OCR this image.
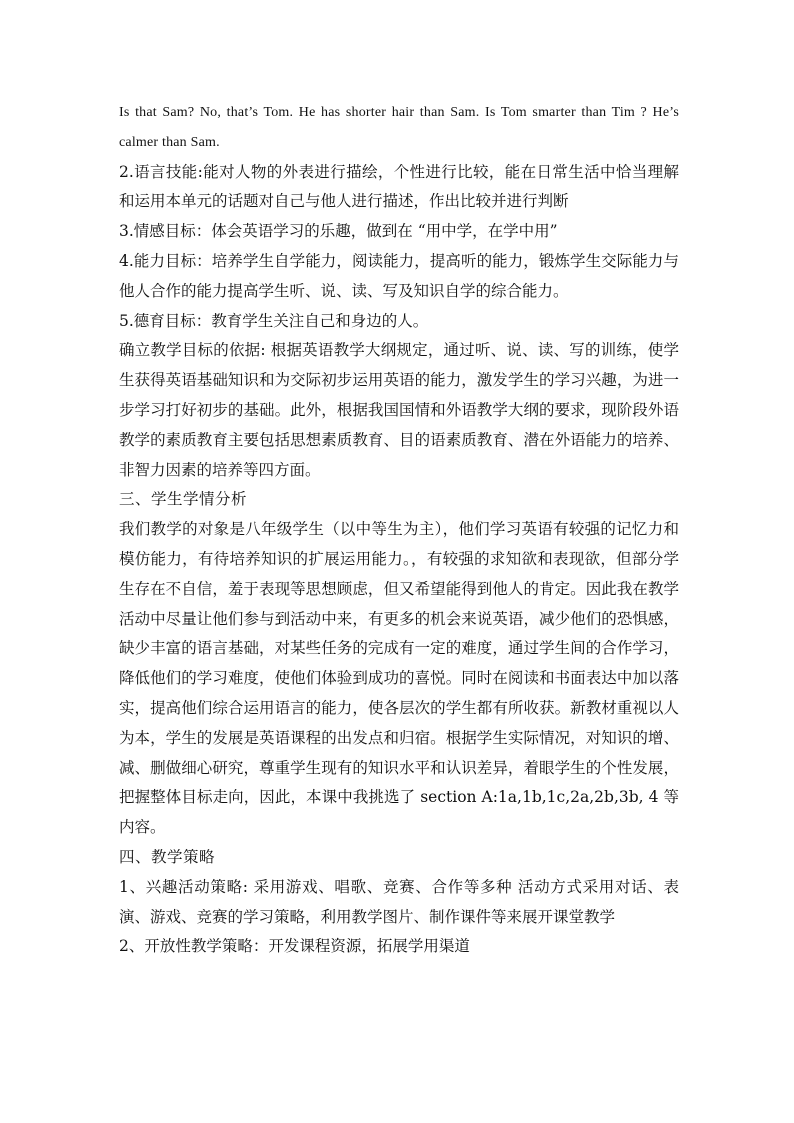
Is that Sam? No, that’s Tom. He has shorter hair than Sam. Is Tom smarter than Tim ? He’s calmer than Sam.

2.语言技能:能对人物的外表进行描绘，个性进行比较，能在日常生活中恰当理解和运用本单元的话题对自己与他人进行描述，作出比较并进行判断

3.情感目标：体会英语学习的乐趣，做到在 “用中学，在学中用”

4.能力目标：培养学生自学能力，阅读能力，提高听的能力，锻炼学生交际能力与他人合作的能力提高学生听、说、读、写及知识自学的综合能力。

5.德育目标：教育学生关注自己和身边的人。

确立教学目标的依据: 根据英语教学大纲规定，通过听、说、读、写的训练，使学生获得英语基础知识和为交际初步运用英语的能力，激发学生的学习兴趣，为进一步学习打好初步的基础。此外，根据我国国情和外语教学大纲的要求，现阶段外语教学的素质教育主要包括思想素质教育、目的语素质教育、潜在外语能力的培养、非智力因素的培养等四方面。

三、学生学情分析

我们教学的对象是八年级学生（以中等生为主），他们学习英语有较强的记忆力和模仿能力，有待培养知识的扩展运用能力。，有较强的求知欲和表现欲，但部分学生存在不自信，羞于表现等思想顾虑，但又希望能得到他人的肯定。因此我在教学活动中尽量让他们参与到活动中来，有更多的机会来说英语，减少他们的恐惧感，缺少丰富的语言基础，对某些任务的完成有一定的难度，通过学生间的合作学习，降低他们的学习难度，使他们体验到成功的喜悦。同时在阅读和书面表达中加以落实，提高他们综合运用语言的能力，使各层次的学生都有所收获。新教材重视以人为本，学生的发展是英语课程的出发点和归宿。根据学生实际情况，对知识的增、减、删做细心研究，尊重学生现有的知识水平和认识差异，着眼学生的个性发展，把握整体目标走向，因此，本课中我挑选了 section A:1a,1b,1c,2a,2b,3b, 4 等内容。

四、教学策略

1、兴趣活动策略: 采用游戏、唱歌、竞赛、合作等多种 活动方式采用对话、表演、游戏、竞赛的学习策略，利用教学图片、制作课件等来展开课堂教学

2、开放性教学策略：开发课程资源，拓展学用渠道
